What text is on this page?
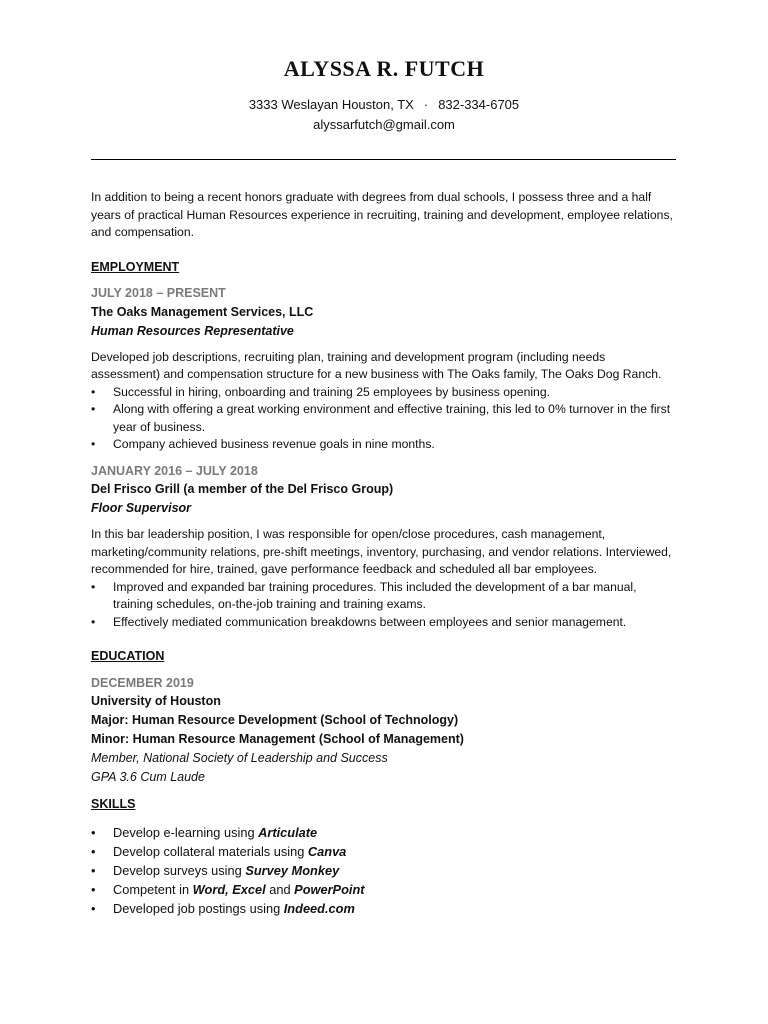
ALYSSA R. FUTCH
3333 Weslayan Houston, TX · 832-334-6705
alyssarfutch@gmail.com

In addition to being a recent honors graduate with degrees from dual schools, I possess three and a half years of practical Human Resources experience in recruiting, training and development, employee relations, and compensation.

EMPLOYMENT
JULY 2018 – PRESENT
The Oaks Management Services, LLC
Human Resources Representative

Developed job descriptions, recruiting plan, training and development program (including needs assessment) and compensation structure for a new business with The Oaks family, The Oaks Dog Ranch.

• Successful in hiring, onboarding and training 25 employees by business opening.
• Along with offering a great working environment and effective training, this led to 0% turnover in the first year of business.
• Company achieved business revenue goals in nine months.
JANUARY 2016 – JULY 2018
Del Frisco Grill (a member of the Del Frisco Group)
Floor Supervisor

In this bar leadership position, I was responsible for open/close procedures, cash management, marketing/community relations, pre-shift meetings, inventory, purchasing, and vendor relations. Interviewed, recommended for hire, trained, gave performance feedback and scheduled all bar employees.

• Improved and expanded bar training procedures. This included the development of a bar manual, training schedules, on-the-job training and training exams.
• Effectively mediated communication breakdowns between employees and senior management.
EDUCATION
DECEMBER 2019
University of Houston
Major: Human Resource Development (School of Technology)
Minor: Human Resource Management (School of Management)
Member, National Society of Leadership and Success
GPA 3.6 Cum Laude
SKILLS
• Develop e-learning using Articulate
• Develop collateral materials using Canva
• Develop surveys using Survey Monkey
• Competent in Word, Excel and PowerPoint
• Developed job postings using Indeed.com
